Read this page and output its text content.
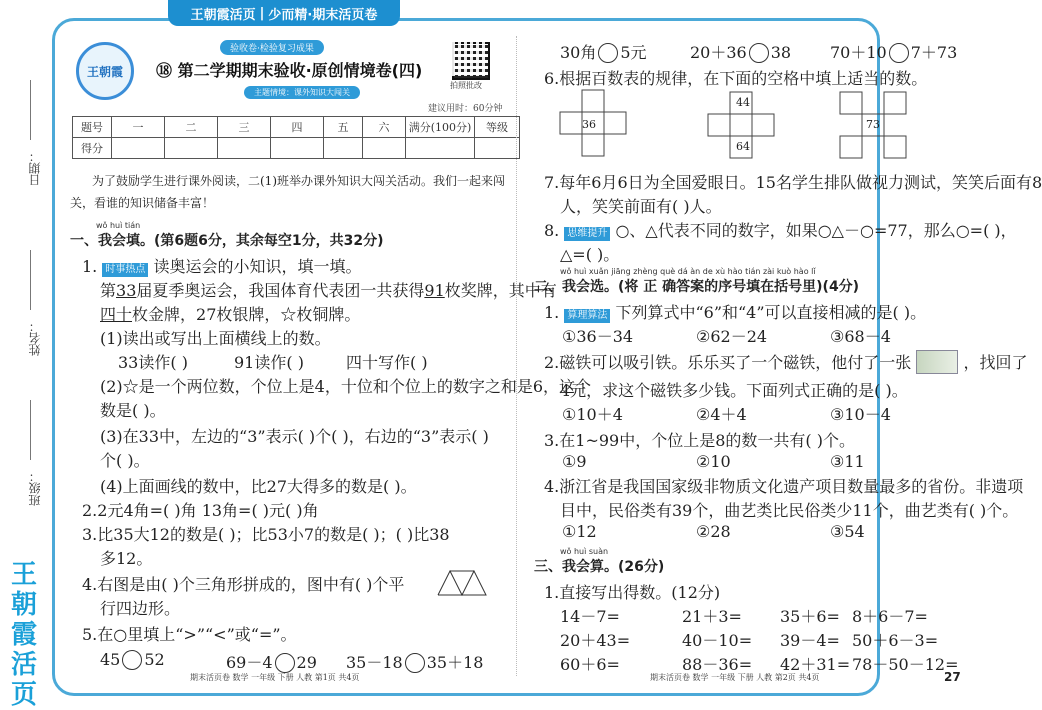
日期：
姓名：
班级：
王朝霞活页
王朝霞活页 | 少而精·期末活页卷
王朝霞
验收卷·检验复习成果
⑱ 第二学期期末验收·原创情境卷(四)
主题情境：课外知识大闯关
拍照批改
建议用时：60分钟
题号	一	二	三	四	五	六	满分(100分)	等级
得分								
为了鼓励学生进行课外阅读，二(1)班举办课外知识大闯关活动。我们一起来闯
关，看谁的知识储备丰富！
wǒ huì tián
一、我会填。(第6题6分，其余每空1分，共32分)
1. 时事热点 读奥运会的小知识，填一填。
第33届夏季奥运会，我国体育代表团一共获得91枚奖牌，其中有
四十枚金牌，27枚银牌，☆枚铜牌。
(1)读出或写出上面横线上的数。
33读作( )	91读作( )	四十写作( )
(2)☆是一个两位数，个位上是4，十位和个位上的数字之和是6，这个
数是( )。
(3)在33中，左边的“3”表示( )个( )，右边的“3”表示( )
个( )。
(4)上面画线的数中，比27大得多的数是( )。
2.2元4角=( )角 13角=( )元( )角
3.比35大12的数是( )；比53小7的数是( )；( )比38
多12。
4.右图是由( )个三角形拼成的，图中有( )个平
行四边形。
5.在○里填上“>”“<”或“=”。
45 52	69－4 29 35－18 35＋18
期末活页卷 数学 一年级 下册 人教 第1页 共4页
30角 5元	20＋36 38 70＋10 7＋73
6.根据百数表的规律，在下面的空格中填上适当的数。
36
44
64
73
7.每年6月6日为全国爱眼日。15名学生排队做视力测试，笑笑后面有8
人，笑笑前面有( )人。
8. 思维提升 ○、△代表不同的数字，如果○△－○=77，那么○=( )，
△=( )。
wǒ huì xuǎn jiāng zhèng què dá àn de xù hào tián zài kuò hào lǐ
二、我会选。(将 正 确答案的序号填在括号里)(4分)
1. 算理算法 下列算式中“6”和“4”可以直接相减的是( )。
①36－34	②62－24	③68－4
2.磁铁可以吸引铁。乐乐买了一个磁铁，他付了一张	，找回了
4元，求这个磁铁多少钱。下面列式正确的是( )。
①10＋4	②4＋4	③10－4
3.在1~99中，个位上是8的数一共有( )个。
①9	②10	③11
4.浙江省是我国国家级非物质文化遗产项目数量最多的省份。非遗项
目中，民俗类有39个，曲艺类比民俗类少11个，曲艺类有( )个。
①12	②28	③54
wǒ huì suàn
三、我会算。(26分)
1.直接写出得数。(12分)
14－7=	21＋3= 35＋6= 8＋6－7=
20＋43=	40－10= 39－4= 50＋6－3=
60＋6=	88－36= 42＋31= 78－50－12=
期末活页卷 数学 一年级 下册 人教 第2页 共4页	27
